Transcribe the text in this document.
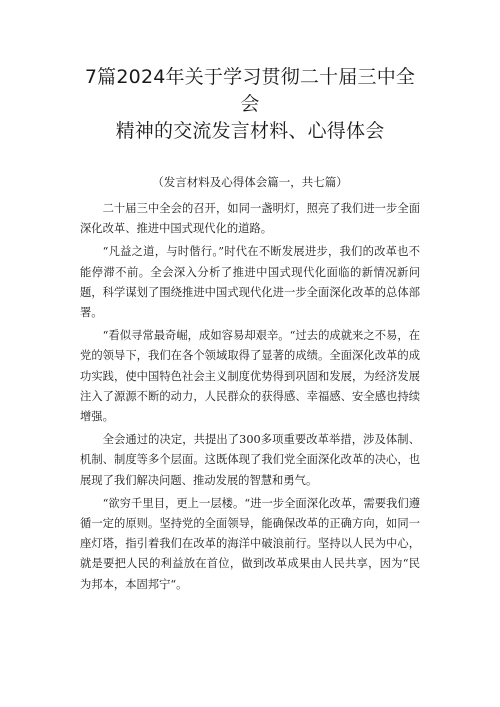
7篇2024年关于学习贯彻二十届三中全会
精神的交流发言材料、心得体会
（发言材料及心得体会篇一，共七篇）

二十届三中全会的召开，如同一盏明灯，照亮了我们进一步全面深化改革、推进中国式现代化的道路。

“凡益之道，与时偕行。”时代在不断发展进步，我们的改革也不能停滞不前。全会深入分析了推进中国式现代化面临的新情况新问题，科学谋划了围绕推进中国式现代化进一步全面深化改革的总体部署。

“看似寻常最奇崛，成如容易却艰辛。“过去的成就来之不易，在党的领导下，我们在各个领域取得了显著的成绩。全面深化改革的成功实践，使中国特色社会主义制度优势得到巩固和发展，为经济发展注入了源源不断的动力，人民群众的获得感、幸福感、安全感也持续增强。

全会通过的决定，共提出了300多项重要改革举措，涉及体制、机制、制度等多个层面。这既体现了我们党全面深化改革的决心，也展现了我们解决问题、推动发展的智慧和勇气。

“欲穷千里目，更上一层楼。“进一步全面深化改革，需要我们遵循一定的原则。坚持党的全面领导，能确保改革的正确方向，如同一座灯塔，指引着我们在改革的海洋中破浪前行。坚持以人民为中心，就是要把人民的利益放在首位，做到改革成果由人民共享，因为“民为邦本，本固邦宁“。
